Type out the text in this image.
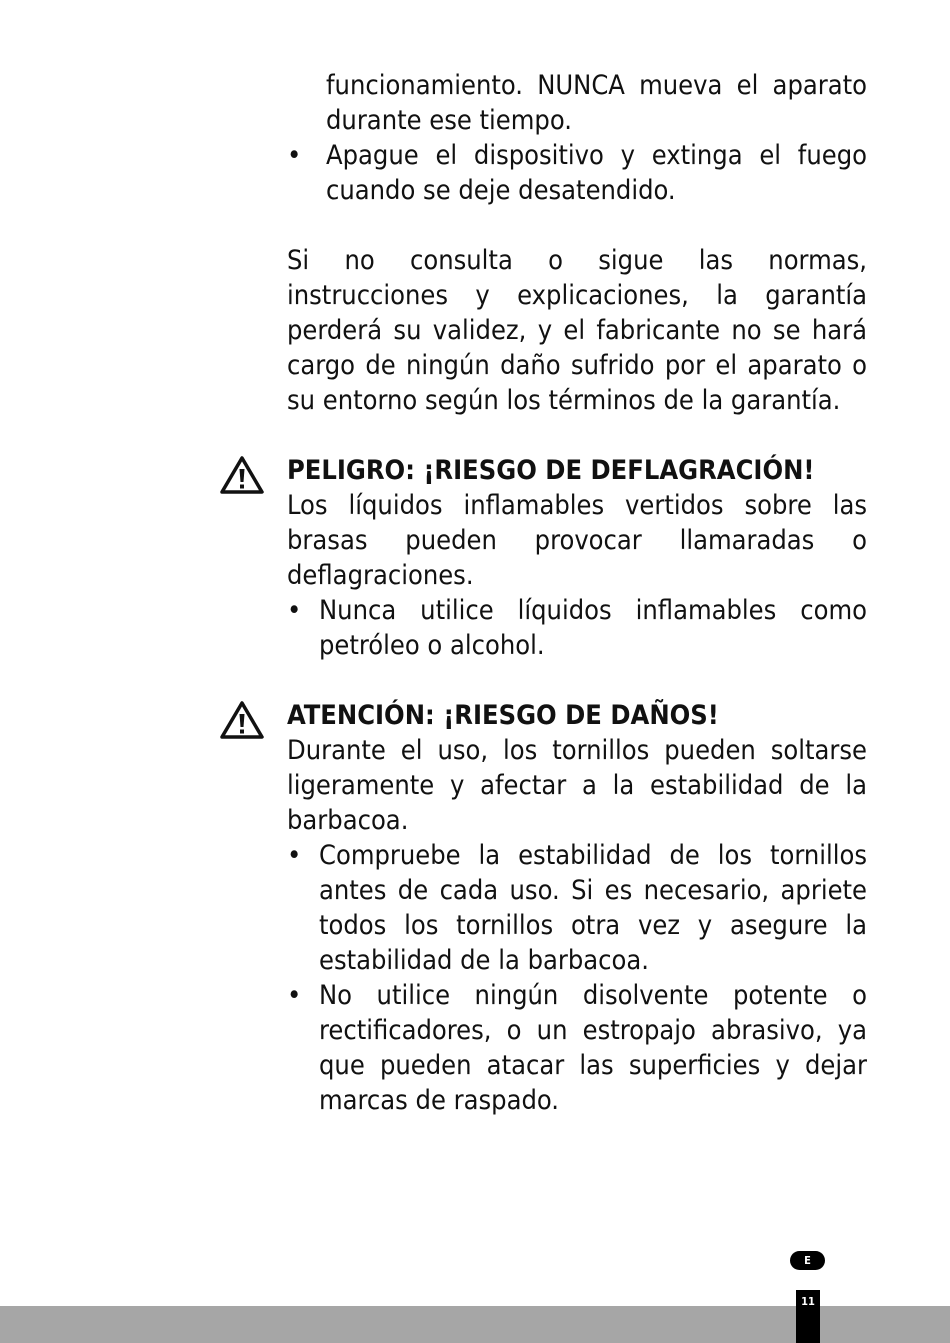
funcionamiento. NUNCA mueva el aparato durante ese tiempo.

• Apague el dispositivo y extinga el fuego cuando se deje desatendido.

Si no consulta o sigue las normas, instrucciones y explicaciones, la garantía perderá su validez, y el fabricante no se hará cargo de ningún daño sufrido por el aparato o su entorno según los términos de la garantía.

PELIGRO: ¡RIESGO DE DEFLAGRACIÓN!

Los líquidos inflamables vertidos sobre las brasas pueden provocar llamaradas o deflagraciones.

• Nunca utilice líquidos inflamables como petróleo o alcohol.

ATENCIÓN: ¡RIESGO DE DAÑOS!

Durante el uso, los tornillos pueden soltarse ligeramente y afectar a la estabilidad de la barbacoa.

• Compruebe la estabilidad de los tornillos antes de cada uso. Si es necesario, apriete todos los tornillos otra vez y asegure la estabilidad de la barbacoa.
• No utilice ningún disolvente potente o rectificadores, o un estropajo abrasivo, ya que pueden atacar las superficies y dejar marcas de raspado.
E
11
